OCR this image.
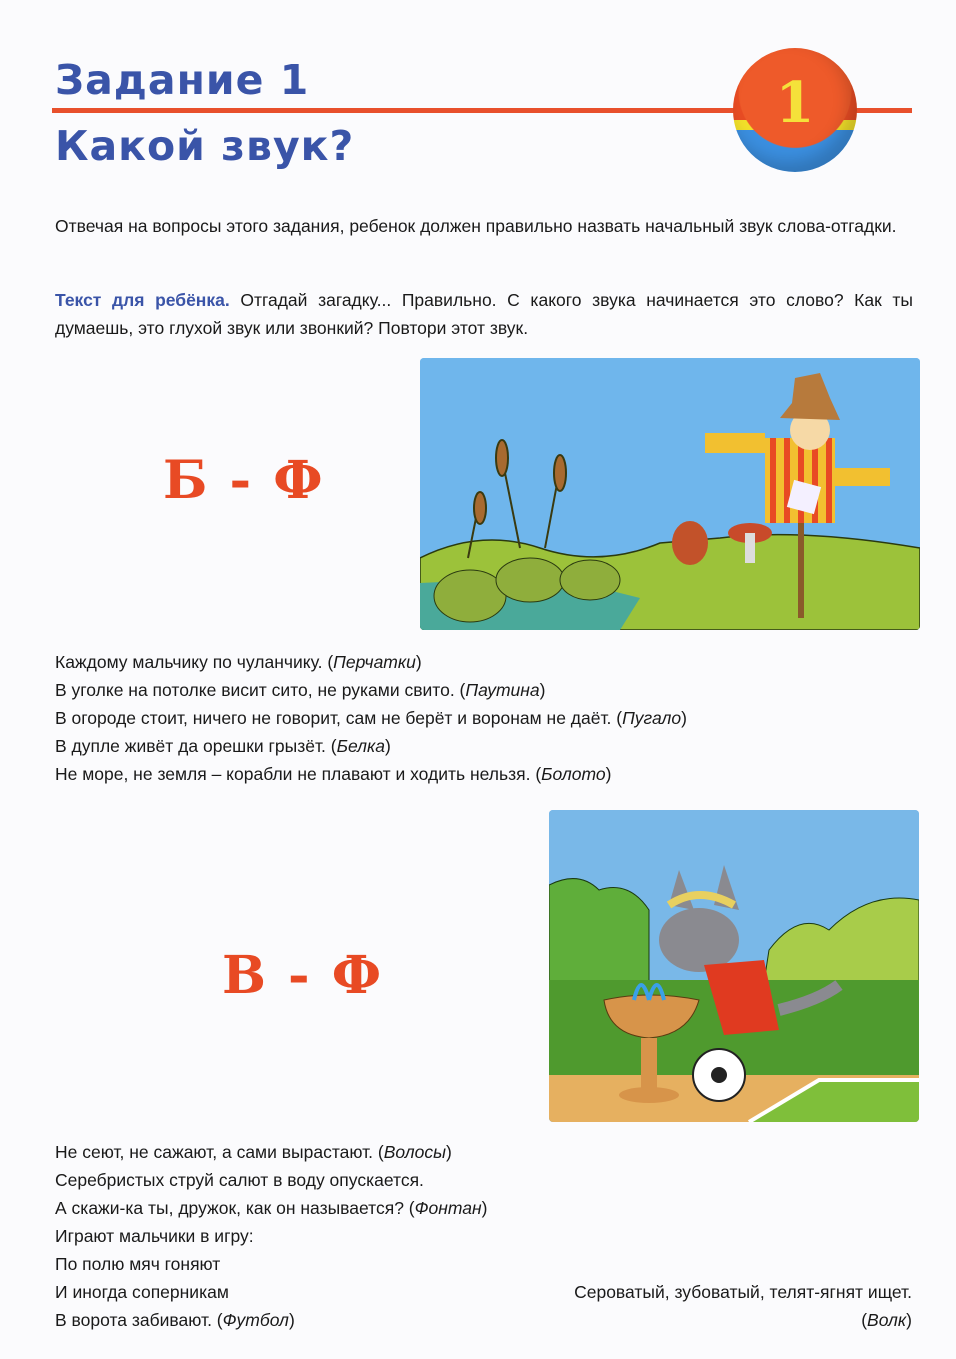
Задание 1
Какой звук?
1
Отвечая на вопросы этого задания, ребенок должен правильно назвать начальный звук слова-отгадки.
Текст для ребёнка. Отгадай загадку... Правильно. С какого звука начинается это слово? Как ты думаешь, это глухой звук или звонкий? Повтори этот звук.
Б - Ф
Каждому мальчику по чуланчику. (Перчатки)
В уголке на потолке висит сито, не руками свито. (Паутина)
В огороде стоит, ничего не говорит, сам не берёт и воронам не даёт. (Пугало)
В дупле живёт да орешки грызёт. (Белка)
Не море, не земля – корабли не плавают и ходить нельзя. (Болото)
В - Ф
Не сеют, не сажают, а сами вырастают. (Волосы)
Серебристых струй салют в воду опускается.
А скажи-ка ты, дружок, как он называется? (Фонтан)
Играют мальчики в игру:
По полю мяч гоняют
И иногда соперникам
В ворота забивают. (Футбол)
Сероватый, зубоватый, телят-ягнят ищет.
(Волк)
